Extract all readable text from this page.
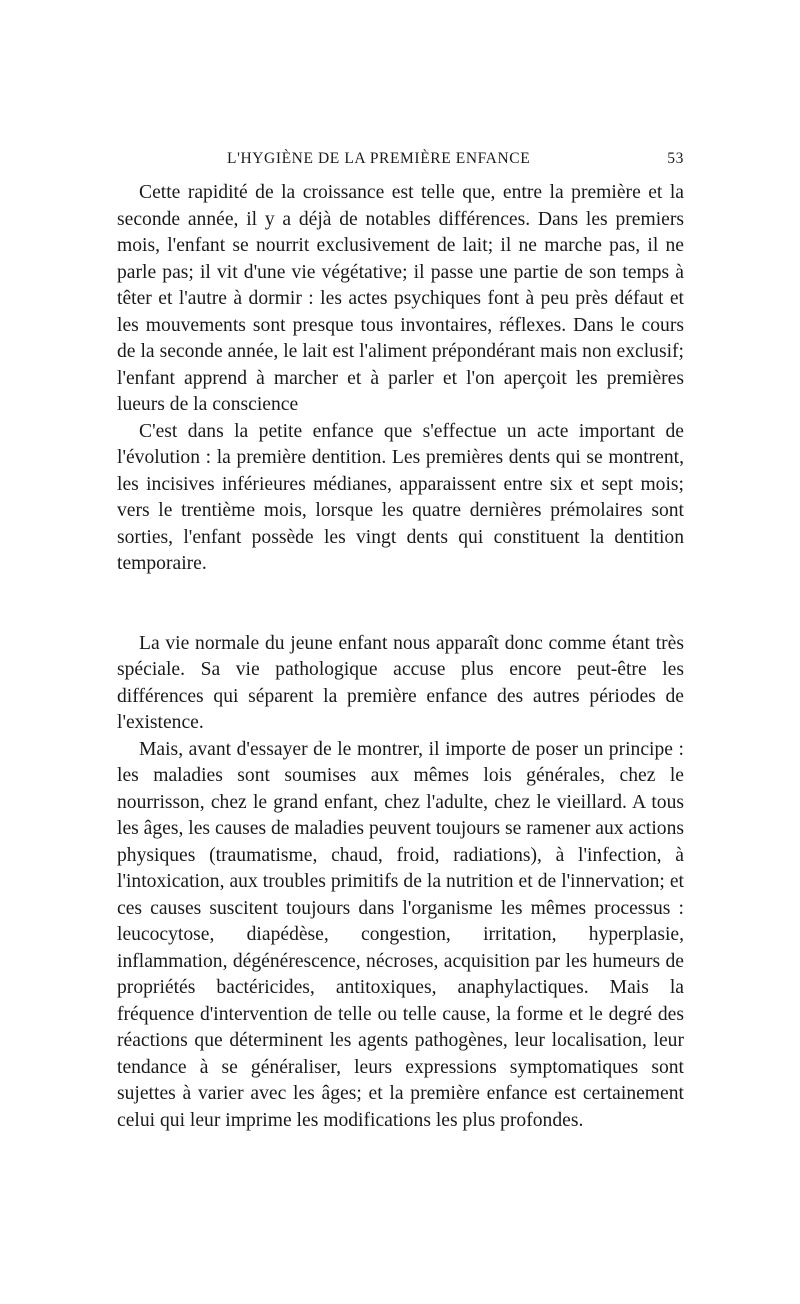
L'HYGIÈNE DE LA PREMIÈRE ENFANCE	53

Cette rapidité de la croissance est telle que, entre la première et la seconde année, il y a déjà de notables différences. Dans les premiers mois, l'enfant se nourrit exclusivement de lait; il ne marche pas, il ne parle pas; il vit d'une vie végétative; il passe une partie de son temps à têter et l'autre à dormir : les actes psychiques font à peu près défaut et les mouvements sont presque tous invontaires, réflexes. Dans le cours de la seconde année, le lait est l'aliment prépondérant mais non exclusif; l'enfant apprend à marcher et à parler et l'on aperçoit les premières lueurs de la conscience

C'est dans la petite enfance que s'effectue un acte important de l'évolution : la première dentition. Les premières dents qui se montrent, les incisives inférieures médianes, apparaissent entre six et sept mois; vers le trentième mois, lorsque les quatre dernières prémolaires sont sorties, l'enfant possède les vingt dents qui constituent la dentition temporaire.

La vie normale du jeune enfant nous apparaît donc comme étant très spéciale. Sa vie pathologique accuse plus encore peut-être les différences qui séparent la première enfance des autres périodes de l'existence.

Mais, avant d'essayer de le montrer, il importe de poser un principe : les maladies sont soumises aux mêmes lois générales, chez le nourrisson, chez le grand enfant, chez l'adulte, chez le vieillard. A tous les âges, les causes de maladies peuvent toujours se ramener aux actions physiques (traumatisme, chaud, froid, radiations), à l'infection, à l'intoxication, aux troubles primitifs de la nutrition et de l'innervation; et ces causes suscitent toujours dans l'organisme les mêmes processus : leucocytose, diapédèse, congestion, irritation, hyperplasie, inflammation, dégénérescence, nécroses, acquisition par les humeurs de propriétés bactéricides, antitoxiques, anaphylactiques. Mais la fréquence d'intervention de telle ou telle cause, la forme et le degré des réactions que déterminent les agents pathogènes, leur localisation, leur tendance à se généraliser, leurs expressions symptomatiques sont sujettes à varier avec les âges; et la première enfance est certainement celui qui leur imprime les modifications les plus profondes.
